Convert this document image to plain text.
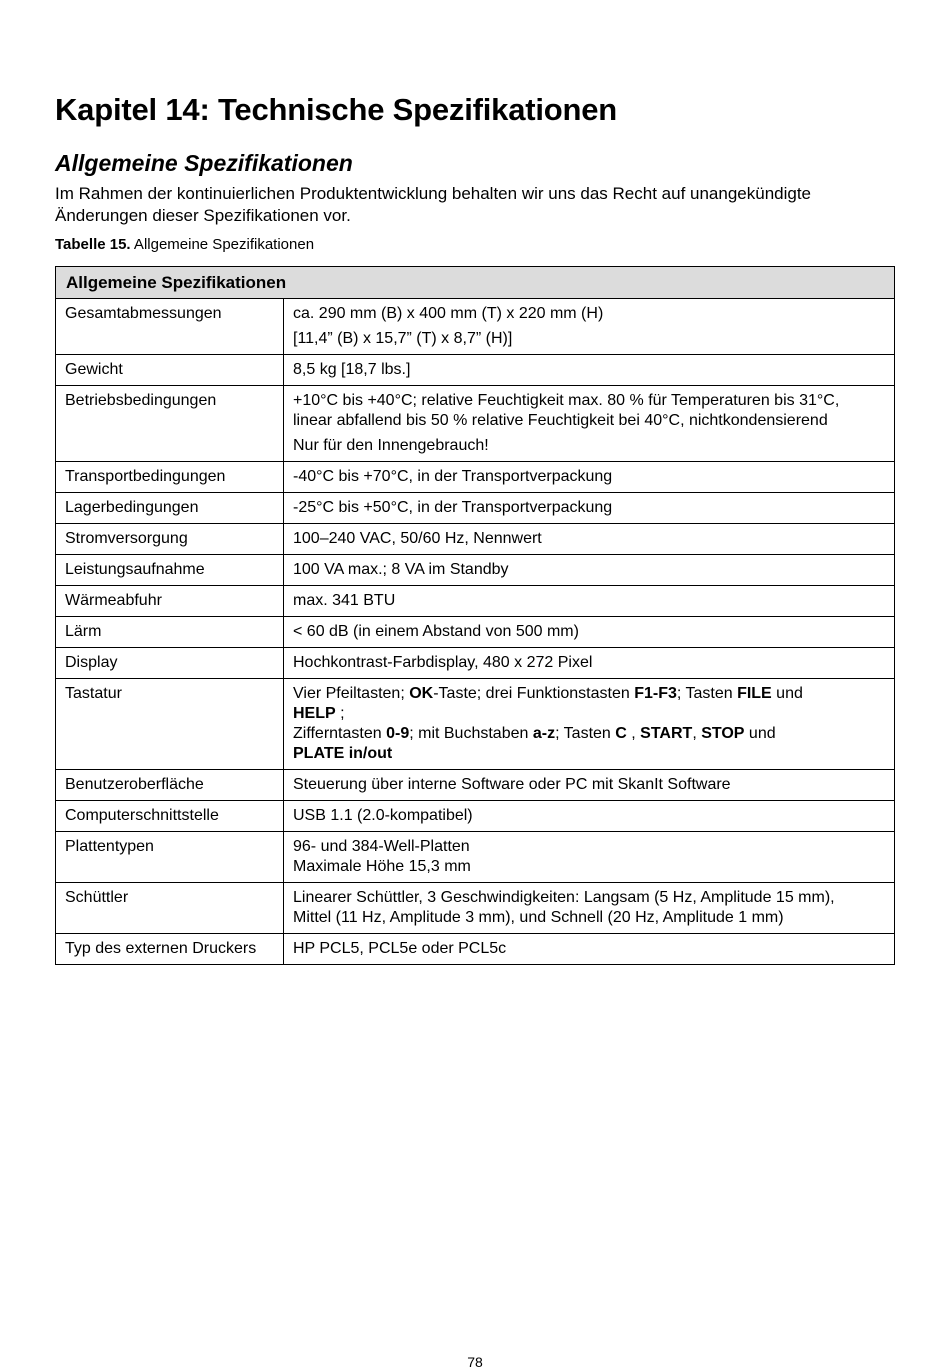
Kapitel 14: Technische Spezifikationen
Allgemeine Spezifikationen

Im Rahmen der kontinuierlichen Produktentwicklung behalten wir uns das Recht auf unangekündigte
Änderungen dieser Spezifikationen vor.

Tabelle 15. Allgemeine Spezifikationen

Allgemeine Spezifikationen	
Gesamtabmessungen	ca. 290 mm (B) x 400 mm (T) x 220 mm (H)
[11,4” (B) x 15,7” (T) x 8,7” (H)]

Gewicht	8,5 kg [18,7 lbs.]

Betriebsbedingungen	+10°C bis +40°C; relative Feuchtigkeit max. 80 % für Temperaturen bis 31°C,
linear abfallend bis 50 % relative Feuchtigkeit bei 40°C, nichtkondensierend
Nur für den Innengebrauch!

Transportbedingungen	-40°C bis +70°C, in der Transportverpackung

Lagerbedingungen	-25°C bis +50°C, in der Transportverpackung

Stromversorgung	100–240 VAC, 50/60 Hz, Nennwert

Leistungsaufnahme	100 VA max.; 8 VA im Standby

Wärmeabfuhr	max. 341 BTU

Lärm	< 60 dB (in einem Abstand von 500 mm)

Display	Hochkontrast-Farbdisplay, 480 x 272 Pixel

Tastatur	Vier Pfeiltasten; OK-Taste; drei Funktionstasten F1-F3; Tasten FILE und
HELP ;
Zifferntasten 0-9; mit Buchstaben a-z; Tasten C , START, STOP und
PLATE in/out

Benutzeroberfläche	Steuerung über interne Software oder PC mit SkanIt Software

Computerschnittstelle	USB 1.1 (2.0-kompatibel)

Plattentypen	96- und 384-Well-Platten
Maximale Höhe 15,3 mm

Schüttler	Linearer Schüttler, 3 Geschwindigkeiten: Langsam (5 Hz, Amplitude 15 mm),
Mittel (11 Hz, Amplitude 3 mm), und Schnell (20 Hz, Amplitude 1 mm)

Typ des externen Druckers	HP PCL5, PCL5e oder PCL5c
78
